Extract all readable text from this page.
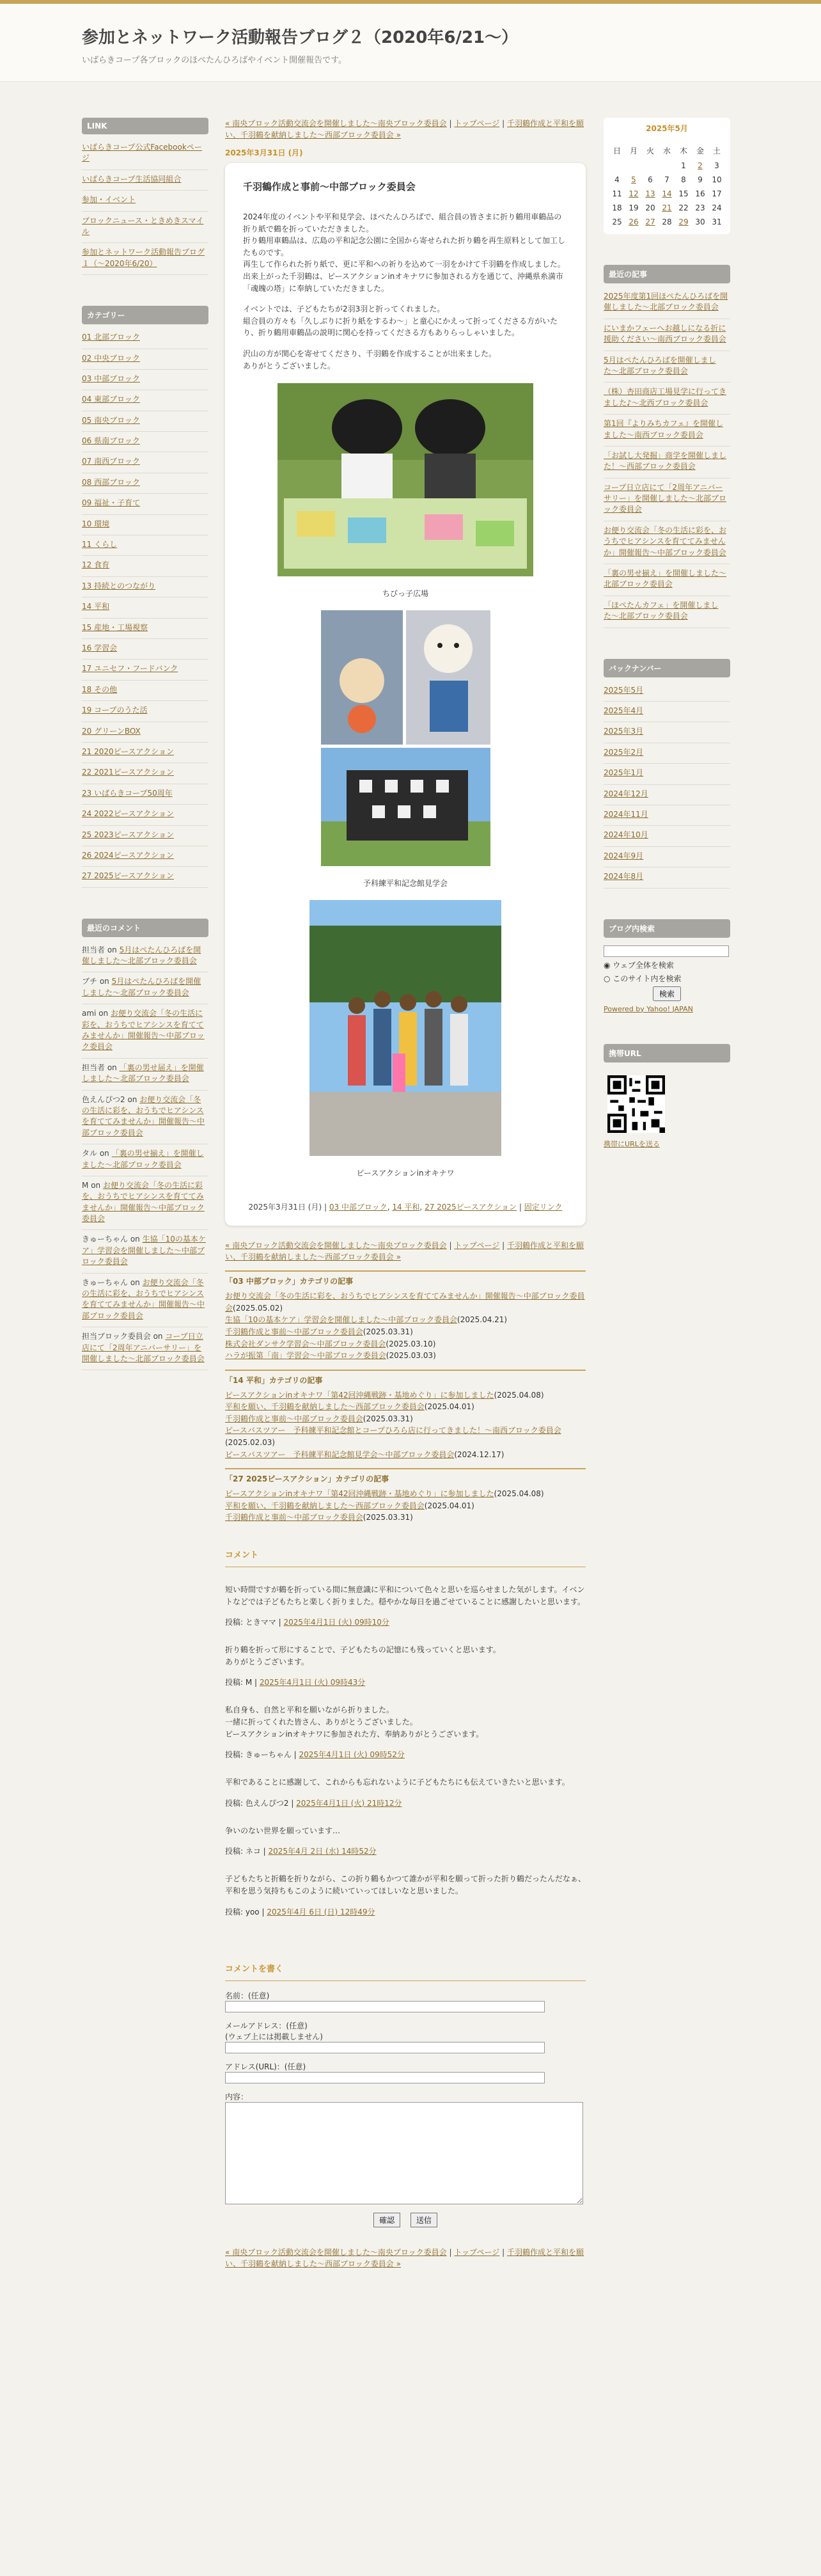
参加とネットワーク活動報告ブログ２（2020年6/21〜）

いばらきコープ各ブロックのほぺたんひろばやイベント開催報告です。

LINK
いばらきコープ公式Facebookページ
いばらきコープ生活協同組合
参加・イベント
ブロックニュース・ときめきスマイル
参加とネットワーク活動報告ブログ１（〜2020年6/20）
カテゴリー
01 北部ブロック
02 中央ブロック
03 中部ブロック
04 東部ブロック
05 南央ブロック
06 県南ブロック
07 南西ブロック
08 西部ブロック
09 福祉・子育て
10 環境
11 くらし
12 食育
13 持続とのつながり
14 平和
15 産地・工場視察
16 学習会
17 ユニセフ・フードバンク
18 その他
19 コープのうた活
20 グリーンBOX
21 2020ピースアクション
22 2021ピースアクション
23 いばらきコープ50周年
24 2022ピースアクション
25 2023ピースアクション
26 2024ピースアクション
27 2025ピースアクション
最近のコメント
担当者 on 5月はぺたんひろばを開催しました〜北部ブロック委員会
ブチ on 5月はぺたんひろばを開催しました〜北部ブロック委員会
ami on お便り交流会「冬の生活に彩を、おうちでヒアシンスを育ててみませんか」開催報告〜中部ブロック委員会
担当者 on 「裏の男せ届え」を開催しました〜北部ブロック委員会
色えんぴつ2 on お便り交流会「冬の生活に彩を、おうちでヒアシンスを育ててみませんか」開催報告〜中部ブロック委員会
タル on 「裏の男せ揃え」を開催しました〜北部ブロック委員会
M on お便り交流会「冬の生活に彩を、おうちでヒアシンスを育ててみませんか」開催報告〜中部ブロック委員会
きゅーちゃん on 生協「10の基本ケア」学習会を開催しました〜中部ブロック委員会
きゅーちゃん on お便り交流会「冬の生活に彩を、おうちでヒアシンスを育ててみませんか」開催報告〜中部ブロック委員会
担当ブロック委員会 on コープ日立店にて「2周年アニバーサリー」を開催しました〜北部ブロック委員会
« 南央ブロック活動交流会を開催しました〜南央ブロック委員会 | トップページ | 千羽鶴作成と平和を願い、千羽鶴を献納しました〜西部ブロック委員会 »
2025年3月31日 (月)
千羽鶴作成と事前〜中部ブロック委員会

2024年度のイベントや平和見学会、ほぺたんひろばで、組合員の皆さまに折り鶴用車鶴品の折り紙で鶴を折っていただきました。
折り鶴用車鶴品は、広島の平和記念公園に全国から寄せられた折り鶴を再生原料として加工したものです。
再生して作られた折り紙で、更に平和への祈りを込めて一羽をかけて千羽鶴を作成しました。
出来上がった千羽鶴は、ピースアクションinオキナワに参加される方を通じて、沖縄県糸満市「魂魄の塔」に奉納していただきました。

イベントでは、子どもたちが2羽3羽と折ってくれました。
組合員の方々も「久しぶりに折り紙をするわ〜」と童心にかえって折ってくださる方がいたり、折り鶴用車鶴品の説明に関心を持ってくださる方もありらっしゃいました。

沢山の方が関心を寄せてくださり、千羽鶴を作成することが出来ました。
ありがとうございました。

ちびっ子広場
予科練平和記念館見学会
ピースアクションinオキナワ
2025年3月31日 (月) | 03 中部ブロック, 14 平和, 27 2025ピースアクション | 固定リンク
« 南央ブロック活動交流会を開催しました〜南央ブロック委員会 | トップページ | 千羽鶴作成と平和を願い、千羽鶴を献納しました〜西部ブロック委員会 »
「03 中部ブロック」カテゴリの記事
お便り交流会「冬の生活に彩を、おうちでヒアシンスを育ててみませんか」開催報告〜中部ブロック委員会(2025.05.02)
生協「10の基本ケア」学習会を開催しました〜中部ブロック委員会(2025.04.21)
千羽鶴作成と事前〜中部ブロック委員会(2025.03.31)
株式会社ダンサク学習会〜中部ブロック委員会(2025.03.10)
ハラが振第「南」学習会〜中部ブロック委員会(2025.03.03)
「14 平和」カテゴリの記事
ピースアクションinオキナワ「第42回沖縄戦跡・基地めぐり」に参加しました(2025.04.08)
平和を願い、千羽鶴を献納しました〜西部ブロック委員会(2025.04.01)
千羽鶴作成と事前〜中部ブロック委員会(2025.03.31)
ピースバスツアー　予科練平和記念館とコープひろら店に行ってきました！〜南西ブロック委員会(2025.02.03)
ピースバスツアー　予科練平和記念館見学会〜中部ブロック委員会(2024.12.17)
「27 2025ピースアクション」カテゴリの記事
ピースアクションinオキナワ「第42回沖縄戦跡・基地めぐり」に参加しました(2025.04.08)
平和を願い、千羽鶴を献納しました〜西部ブロック委員会(2025.04.01)
千羽鶴作成と事前〜中部ブロック委員会(2025.03.31)
コメント
短い時間ですが鶴を折っている間に無意識に平和について色々と思いを巡らせました気がします。イベントなどでは子どもたちと楽しく折りました。穏やかな毎日を過ごせていることに感謝したいと思います。
投稿: ときママ | 2025年4月1日 (火) 09時10分
折り鶴を折って形にすることで、子どもたちの記憶にも残っていくと思います。
ありがとうございます。
投稿: M | 2025年4月1日 (火) 09時43分
私自身も、自然と平和を願いながら折りました。
一緒に折ってくれた皆さん、ありがとうございました。
ピースアクションinオキナワに参加された方、奉納ありがとうございます。
投稿: きゅーちゃん | 2025年4月1日 (火) 09時52分
平和であることに感謝して、これからも忘れないように子どもたちにも伝えていきたいと思います。
投稿: 色えんぴつ2 | 2025年4月1日 (火) 21時12分
争いのない世界を願っています…
投稿: ネコ | 2025年4月 2日 (水) 14時52分
子どもたちと折鶴を折りながら、この折り鶴もかつて誰かが平和を願って折った折り鶴だったんだなぁ、平和を思う気持ちもこのように続いていってほしいなと思いました。
投稿: yoo | 2025年4月 6日 (日) 12時49分
コメントを書く
名前：(任意)
メールアドレス：(任意)
(ウェブ上には掲載しません)
アドレス(URL)：(任意)
内容：
確認	送信
« 南央ブロック活動交流会を開催しました〜南央ブロック委員会 | トップページ | 千羽鶴作成と平和を願い、千羽鶴を献納しました〜西部ブロック委員会 »
2025年5月
日	月	火	水	木	金	土
				1	2	3
4	5	6	7	8	9	10
11	12	13	14	15	16	17
18	19	20	21	22	23	24
25	26	27	28	29	30	31
最近の記事
2025年度第1回ほぺたんひろばを開催しました〜北部ブロック委員会
にいまかフェーへお越しになる折に援助ください〜南西ブロック委員会
5月はぺたんひろばを開催しました〜北部ブロック委員会
（株）杏田商店工場見学に行ってきました♪〜北西ブロック委員会
第1回『よりみちカフェ』を開催しました〜南西ブロック委員会
「お試し大発掘」商学を開催しました！〜西部ブロック委員会
コープ日立店にて「2周年アニバーサリー」を開催しました〜北部ブロック委員会
お便り交流会「冬の生活に彩を、おうちでヒアシンスを育ててみませんか」開催報告〜中部ブロック委員会
「裏の男せ揃え」を開催しました〜北部ブロック委員会
「ほぺたんカフェ」を開催しました〜北部ブロック委員会
バックナンバー
2025年5月
2025年4月
2025年3月
2025年2月
2025年1月
2024年12月
2024年11月
2024年10月
2024年9月
2024年8月
ブログ内検索
◉ ウェブ全体を検索
○ このサイト内を検索
検索
Powered by Yahoo! JAPAN
携帯URL
携帯にURLを送る
